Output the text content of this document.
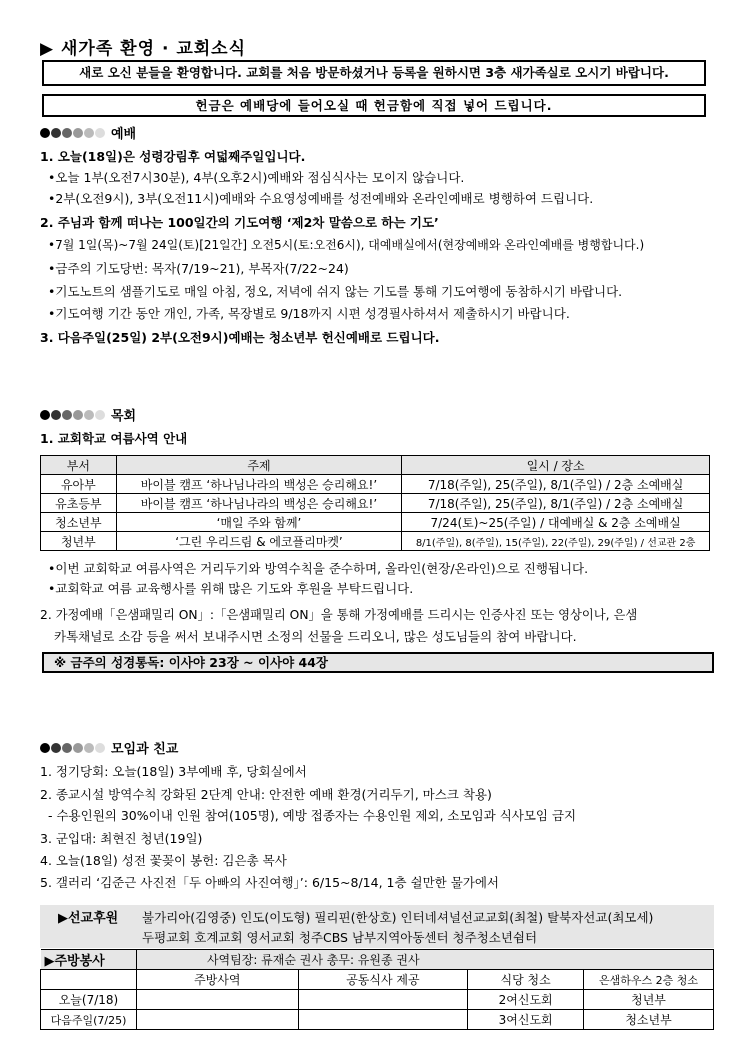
▶ 새가족 환영 · 교회소식
새로 오신 분들을 환영합니다. 교회를 처음 방문하셨거나 등록을 원하시면 3층 새가족실로 오시기 바랍니다.
헌금은 예배당에 들어오실 때 헌금함에 직접 넣어 드립니다.
예배
1. 오늘(18일)은 성령강림후 여덟째주일입니다.
•오늘 1부(오전7시30분), 4부(오후2시)예배와 점심식사는 모이지 않습니다.
•2부(오전9시), 3부(오전11시)예배와 수요영성예배를 성전예배와 온라인예배로 병행하여 드립니다.
2. 주님과 함께 떠나는 100일간의 기도여행 ‘제2차 말씀으로 하는 기도’
•7월 1일(목)~7월 24일(토)[21일간] 오전5시(토:오전6시), 대예배실에서(현장예배와 온라인예배를 병행합니다.)
•금주의 기도당번: 목자(7/19~21), 부목자(7/22~24)
•기도노트의 샘플기도로 매일 아침, 정오, 저녁에 쉬지 않는 기도를 통해 기도여행에 동참하시기 바랍니다.
•기도여행 기간 동안 개인, 가족, 목장별로 9/18까지 시편 성경필사하셔서 제출하시기 바랍니다.
3. 다음주일(25일) 2부(오전9시)예배는 청소년부 헌신예배로 드립니다.
목회
1. 교회학교 여름사역 안내
부서	주제	일시 / 장소
유아부	바이블 캠프 ‘하나님나라의 백성은 승리해요!’	7/18(주일), 25(주일), 8/1(주일) / 2층 소예배실
유초등부	바이블 캠프 ‘하나님나라의 백성은 승리해요!’	7/18(주일), 25(주일), 8/1(주일) / 2층 소예배실
청소년부	‘매일 주와 함께’	7/24(토)~25(주일) / 대예배실 & 2층 소예배실
청년부	‘그린 우리드림 & 에코플리마켓’	8/1(주일), 8(주일), 15(주일), 22(주일), 29(주일) / 선교관 2층
•이번 교회학교 여름사역은 거리두기와 방역수칙을 준수하며, 올라인(현장/온라인)으로 진행됩니다.
•교회학교 여름 교육행사를 위해 많은 기도와 후원을 부탁드립니다.
2. 가정예배「은샘패밀리 ON」:「은샘패밀리 ON」을 통해 가정예배를 드리시는 인증사진 또는 영상이나, 은샘
카톡채널로 소감 등을 써서 보내주시면 소정의 선물을 드리오니, 많은 성도님들의 참여 바랍니다.
※ 금주의 성경통독: 이사야 23장 ~ 이사야 44장
모임과 친교
1. 정기당회: 오늘(18일) 3부예배 후, 당회실에서
2. 종교시설 방역수칙 강화된 2단계 안내: 안전한 예배 환경(거리두기, 마스크 착용)
- 수용인원의 30%이내 인원 참여(105명), 예방 접종자는 수용인원 제외, 소모임과 식사모임 금지
3. 군입대: 최현진 청년(19일)
4. 오늘(18일) 성전 꽃꽂이 봉헌: 김은총 목사
5. 갤러리 ‘김준근 사진전「두 아빠의 사진여행」’: 6/15~8/14, 1층 쉴만한 물가에서
▶선교후원 불가리아(김영중) 인도(이도형) 필리핀(한상호) 인터네셔널선교교회(최철) 탈북자선교(최모세)
두평교회 호계교회 영서교회 청주CBS 남부지역아동센터 청주청소년쉼터
▶주방봉사	사역팀장: 류재순 권사 총무: 유원종 권사			
	주방사역	공동식사 제공	식당 청소	은샘하우스 2층 청소
오늘(7/18)			2여신도회	청년부
다음주일(7/25)			3여신도회	청소년부
